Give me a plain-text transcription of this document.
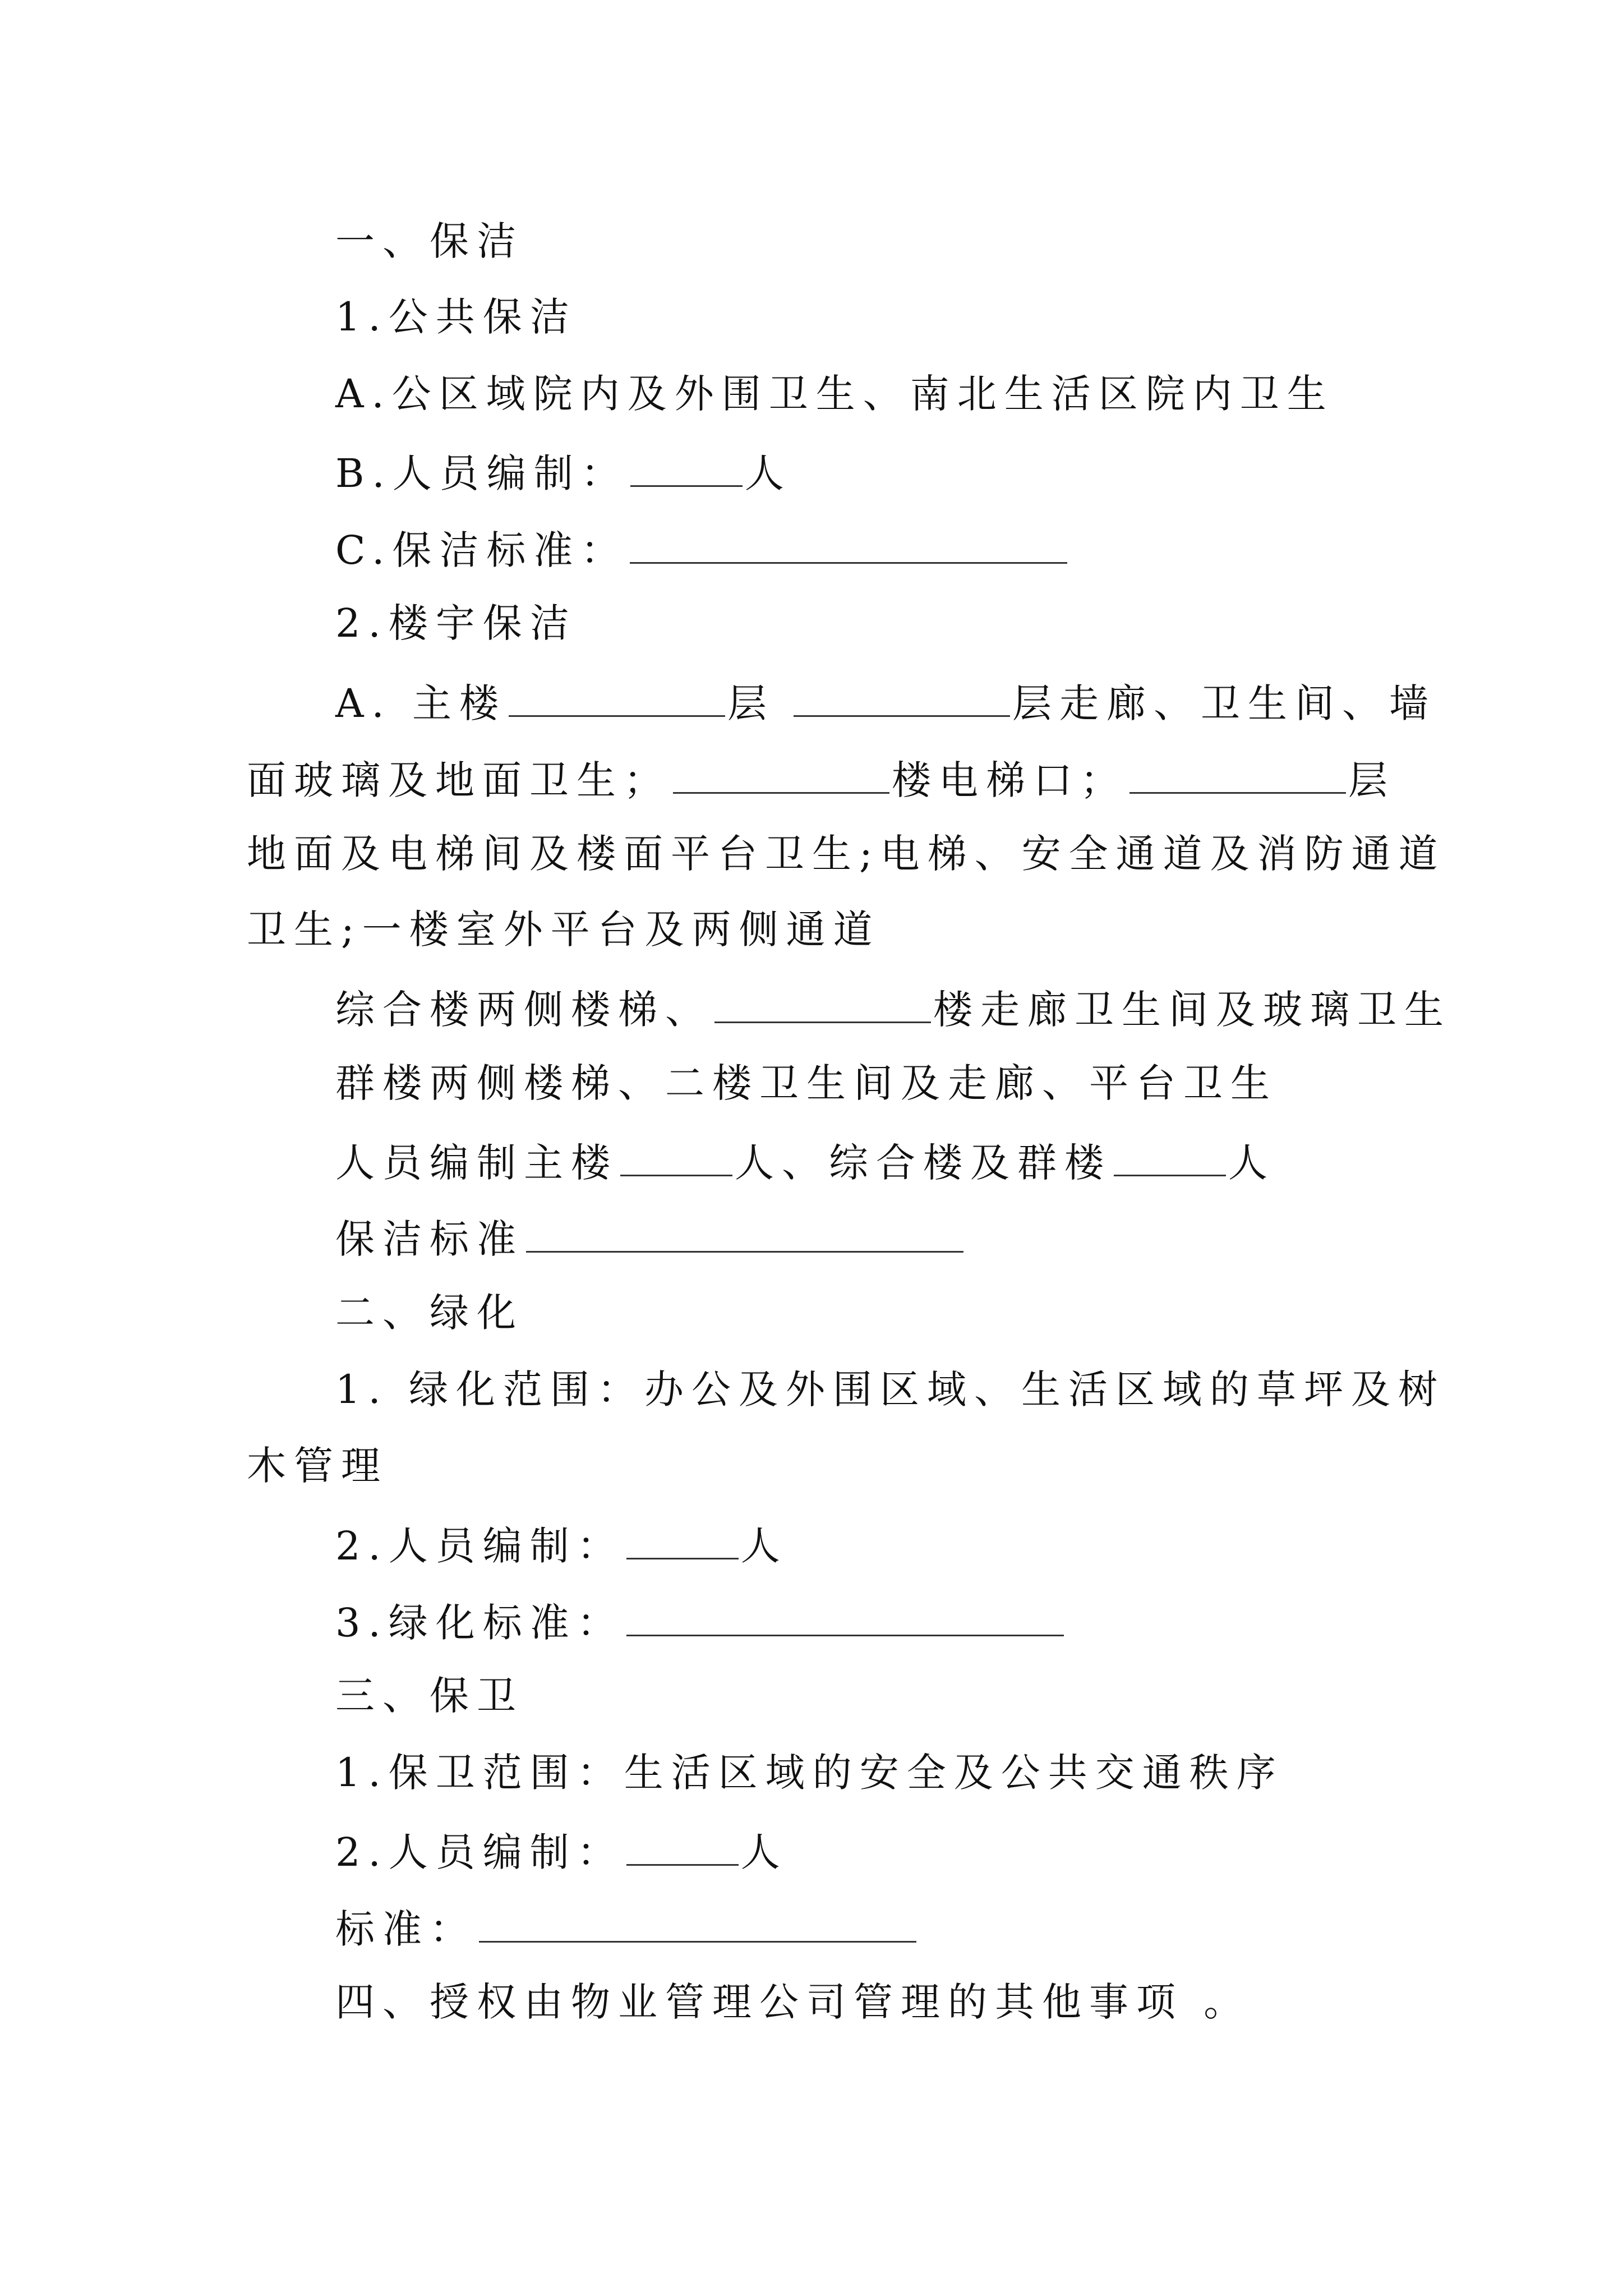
一、保洁
1.公共保洁
A.公区域院内及外围卫生、南北生活区院内卫生
B.人员编制：	人
C.保洁标准：
2.楼宇保洁
A. 主楼	层	层走廊、卫生间、墙
面玻璃及地面卫生；	楼电梯口；	层
地面及电梯间及楼面平台卫生;电梯、安全通道及消防通道
卫生;一楼室外平台及两侧通道
综合楼两侧楼梯、	楼走廊卫生间及玻璃卫生
群楼两侧楼梯、二楼卫生间及走廊、平台卫生
人员编制主楼	人、综合楼及群楼	人
保洁标准
二、绿化
1. 绿化范围：办公及外围区域、生活区域的草坪及树
木管理
2.人员编制：	人
3.绿化标准：
三、保卫
1.保卫范围：生活区域的安全及公共交通秩序
2.人员编制：	人
标准：
四、授权由物业管理公司管理的其他事项 。
